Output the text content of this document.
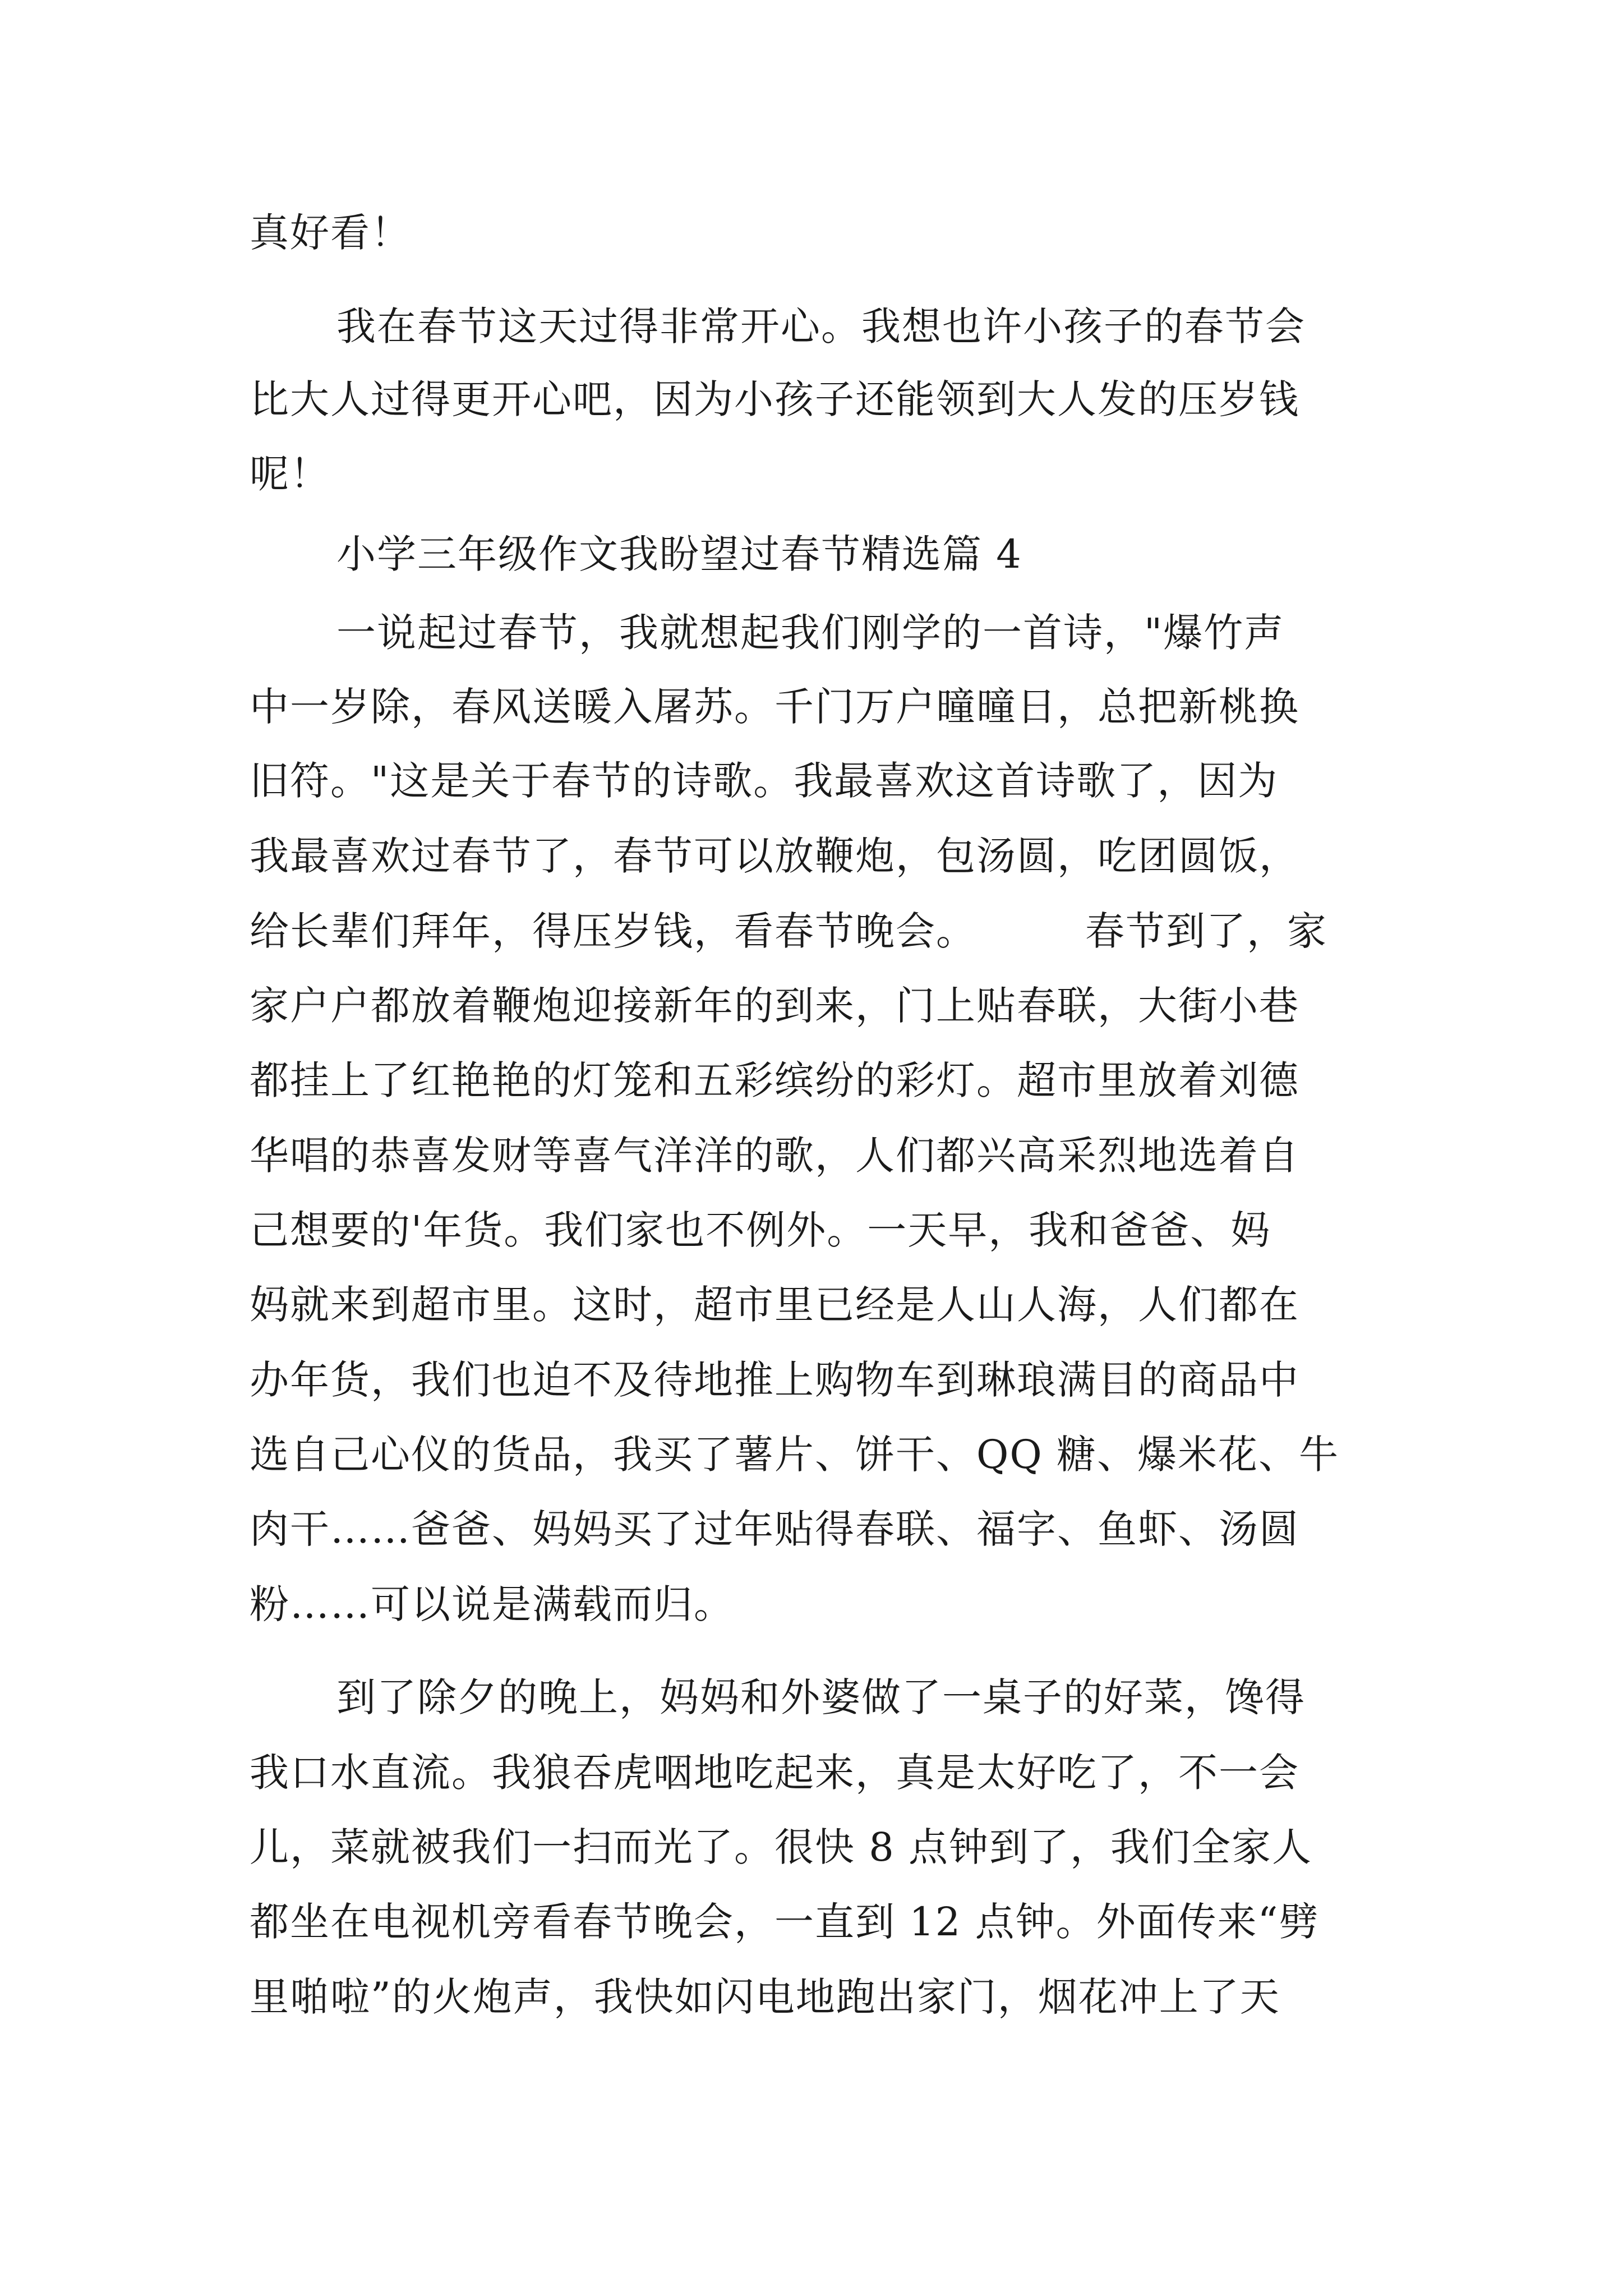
真好看！
我在春节这天过得非常开心。我想也许小孩子的春节会
比大人过得更开心吧，因为小孩子还能领到大人发的压岁钱
呢！
小学三年级作文我盼望过春节精选篇 4
一说起过春节，我就想起我们刚学的一首诗，"爆竹声
中一岁除，春风送暖入屠苏。千门万户曈曈日，总把新桃换
旧符。"这是关于春节的诗歌。我最喜欢这首诗歌了，因为
我最喜欢过春节了，春节可以放鞭炮，包汤圆，吃团圆饭，
给长辈们拜年，得压岁钱，看春节晚会。        春节到了，家
家户户都放着鞭炮迎接新年的到来，门上贴春联，大街小巷
都挂上了红艳艳的灯笼和五彩缤纷的彩灯。超市里放着刘德
华唱的恭喜发财等喜气洋洋的歌，人们都兴高采烈地选着自
己想要的'年货。我们家也不例外。一天早，我和爸爸、妈
妈就来到超市里。这时，超市里已经是人山人海，人们都在
办年货，我们也迫不及待地推上购物车到琳琅满目的商品中
选自己心仪的货品，我买了薯片、饼干、QQ 糖、爆米花、牛
肉干……爸爸、妈妈买了过年贴得春联、福字、鱼虾、汤圆
粉……可以说是满载而归。
到了除夕的晚上，妈妈和外婆做了一桌子的好菜，馋得
我口水直流。我狼吞虎咽地吃起来，真是太好吃了，不一会
儿，菜就被我们一扫而光了。很快 8 点钟到了，我们全家人
都坐在电视机旁看春节晚会，一直到 12 点钟。外面传来“劈
里啪啦”的火炮声，我快如闪电地跑出家门，烟花冲上了天
